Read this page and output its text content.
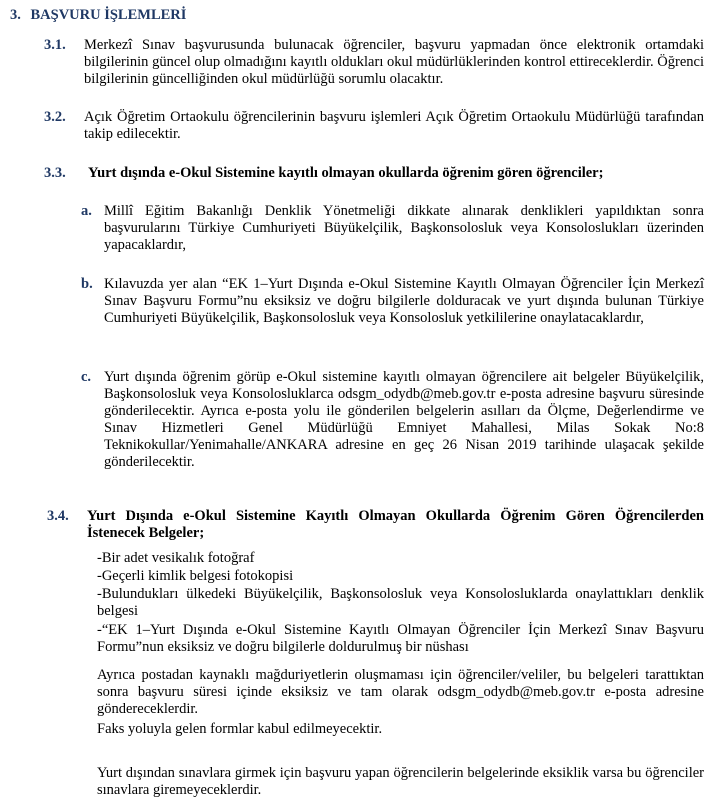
3. BAŞVURU İŞLEMLERİ
3.1. Merkezî Sınav başvurusunda bulunacak öğrenciler, başvuru yapmadan önce elektronik ortamdaki bilgilerinin güncel olup olmadığını kayıtlı oldukları okul müdürlüklerinden kontrol ettireceklerdir. Öğrenci bilgilerinin güncelliğinden okul müdürlüğü sorumlu olacaktır.
3.2. Açık Öğretim Ortaokulu öğrencilerinin başvuru işlemleri Açık Öğretim Ortaokulu Müdürlüğü tarafından takip edilecektir.
3.3. Yurt dışında e-Okul Sistemine kayıtlı olmayan okullarda öğrenim gören öğrenciler;
a. Millî Eğitim Bakanlığı Denklik Yönetmeliği dikkate alınarak denklikleri yapıldıktan sonra başvurularını Türkiye Cumhuriyeti Büyükelçilik, Başkonsolosluk veya Konsoloslukları üzerinden yapacaklardır,
b. Kılavuzda yer alan “EK 1–Yurt Dışında e-Okul Sistemine Kayıtlı Olmayan Öğrenciler İçin Merkezî Sınav Başvuru Formu”nu eksiksiz ve doğru bilgilerle dolduracak ve yurt dışında bulunan Türkiye Cumhuriyeti Büyükelçilik, Başkonsolosluk veya Konsolosluk yetkililerine onaylatacaklardır,
c. Yurt dışında öğrenim görüp e-Okul sistemine kayıtlı olmayan öğrencilere ait belgeler Büyükelçilik, Başkonsolosluk veya Konsolosluklarca odsgm_odydb@meb.gov.tr e-posta adresine başvuru süresinde gönderilecektir. Ayrıca e-posta yolu ile gönderilen belgelerin asılları da Ölçme, Değerlendirme ve Sınav Hizmetleri Genel Müdürlüğü Emniyet Mahallesi, Milas Sokak No:8 Teknikokullar/Yenimahalle/ANKARA adresine en geç 26 Nisan 2019 tarihinde ulaşacak şekilde gönderilecektir.
3.4. Yurt Dışında e-Okul Sistemine Kayıtlı Olmayan Okullarda Öğrenim Gören Öğrencilerden İstenecek Belgeler;
-Bir adet vesikalık fotoğraf
-Geçerli kimlik belgesi fotokopisi
-Bulundukları ülkedeki Büyükelçilik, Başkonsolosluk veya Konsolosluklarda onaylattıkları denklik belgesi
-“EK 1–Yurt Dışında e-Okul Sistemine Kayıtlı Olmayan Öğrenciler İçin Merkezî Sınav Başvuru Formu”nun eksiksiz ve doğru bilgilerle doldurulmuş bir nüshası
Ayrıca postadan kaynaklı mağduriyetlerin oluşmaması için öğrenciler/veliler, bu belgeleri tarattıktan sonra başvuru süresi içinde eksiksiz ve tam olarak odsgm_odydb@meb.gov.tr e-posta adresine göndereceklerdir.
Faks yoluyla gelen formlar kabul edilmeyecektir.
Yurt dışından sınavlara girmek için başvuru yapan öğrencilerin belgelerinde eksiklik varsa bu öğrenciler sınavlara giremeyeceklerdir.
